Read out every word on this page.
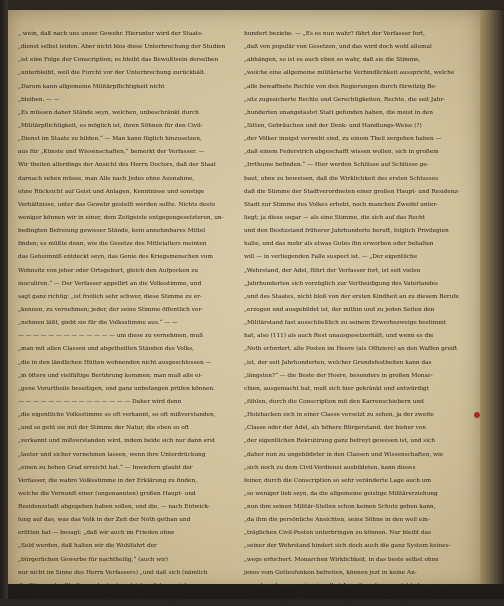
„ wein, daß nach uns unser Gewehr. Hierunter wird der Staats-
„dienst selbst leiden. Aber nicht blos diese Unterbrechung der Studien
„ist eine Folge der Conscription; es bleibt das Bewußtsein derselben
„unterbleibt, weil die Furcht vor der Unterbrechung zurückhält.
„Darum kann allgemeine Militärpflichtigkeit nicht
„bleiben. — —
„Es müssen daher Stände seyn, welchen, unbeschränkt durch
„Militärpflichtigkeit, es möglich ist, ihren Söhnen für den Civil-
„Dienst im Staate zu bilden.“ — Man kann füglich hinzusetzen,
aus für „Künste und Wissenschaften,“ bemerkt der Verfasser. —
Wir theilen allerdings der Ansicht des Herrn Doctors, daß der Staat
darnach sehen müsse, man Alle nach Jedes ohne Ausnahme,
ohne Rücksicht auf Geist und Anlagen, Kenntnisse und sonstige
Verhältnisse, unter das Gewehr gestellt werden sollte. Nichts desto
weniger können wir in einer, dem Zeitgeiste entgegengesetzteren, un-
bedingten Befreiung gewisser Stände, kein annehmbares Mittel
finden; es müßte denn, wie die Gesetze des Mittelalters meinten
das Geheimniß entdeckt seyn, das Genie des Kriegsmenschen vom
Wohnsitz von jeher oder Ortsgeburt, gleich den Aufpocken zu
inoculiren.“ — Der Verfasser appellirt an die Volksstimme, und
sagt ganz richtig: „ist freilich sehr schwer, diese Stimme zu er-
„kennen, zu vernehmen; jeder, der seine Stimme öffentlich ver-
„nehmen läßt, giebt sie für die Volksstimme aus.“ — —
— — — — — — — — — — — — — um diese zu vernehmen, muß
„man mit allen Classen und abgetheilten Ständen des Volks,
„die in den ländlichen Hütten wohnenden nicht ausgeschlossen —
„in öftere und vielfältige Berührung kommen; man muß alle ei-
„gene Vorurtheile beseitigen, und ganz unbefangen prüfen können.
— — — — — — — — — — — — — — — Daher wird denn
„die eigentliche Volksstimme so oft verkannt, so oft mißverstanden,
„und so geht sie mit der Stimme der Natur, die eben so oft
„verkannt und mißverstanden wird, indem beide sich nur dann erst
„lauter und sicher vernehmen lassen, wenn ihre Unterdrückung
„einen zu hohen Grad erreicht hat.“ — Inwiefern glaubt der
Verfasser, die wahre Volksstimme in der Erklärung zu finden,
welche die Vernunft einer (ungenannten) großen Haupt- und
Residenzstadt abgegeben haben sollen, und die, — nach Entwick-
lung auf das, was das Volk in der Zeit der Noth gethan und
erlitten hat — besagt: „daß wir auch im Frieden ohne
„Sold werden, daß halten wir die Wohlfahrt der
„bürgerlichen Gewerbe für nachtheilig,“ (auch wir)
nur nicht im Sinne des Herrn Verfassers) „und daß sich (nämlich
die Stimme der Stadtverordneten) zugleich auf das gesicher-
teste Recht und den Besitzstand von mehr als einem Jahr-
hundert beziehe. — „Es es nun wahr? fährt der Verfasser fort,
„daß von populär von Gesetzen, und das wird doch wohl allemal
„abhängen, so ist es auch eben so wahr, daß sie die Stimme,
„welche eine allgemeine militärische Verbindlichkeit ausspricht, welche
„alle bewaffnete Rechte von den Regierungen durch fürwitzig Be-
„sitz zugesicherte Rechte und Gerechtigkeiten, Rechte, die seit Jahr-
„hunderten unangetastet Statt gefunden haben, die meist in den
„Sitten, Gebräuchen und der Denk- und Handlungs-Weise (?)
„der Völker innigst verwebt sind, zu einem Theil zergehen haben —
„daß einem Federstrich abgeschafft wissen wollen, sich in großem
„Irrthume befinden.“ — Hier werden Schlüsse auf Schlüsse ge-
baut, ohne zu beweisen, daß die Wirklichkeit des ersten Schlusses
daß die Stimme der Stadtverordneten einer großen Haupt- und Residenz-
Stadt zur Stimme des Volkes erhebt, noch manchen Zweifel unter-
liegt; ja diese sogar — als eine Stimme, die sich auf das Recht
und den Besitzstand früherer Jahrhunderte beruft, folglich Privilegien
halte, und das mehr als etwas Gutes ihn erworben oder behalten
will — in verliegenden Falle suspect ist. — „Der eigentliche
„Wehrstand, der Adel, führt der Verfasser fort, ist seit vielen
„Jahrhunderten sich vorzüglich zur Vertheidigung des Vaterlandes
„und des Staates, nicht bloß von der ersten Kindheit an zu diesem Berufe
„erzogen und ausgebildet ist, der mithin und zu jeden Seiten den
„Militärstand fast ausschließlich zu seinem Erwerbszweige bestimmt
hat, also (111) als auch Rest unausgesetzerhält, und wenn es die
„Noth erfordert, alle Posten im Heere (als Offiziere) an den Waffen greift
„ist, der seit Jahrhunderten, welcher Grundsfestheiten kann das
„längsten?“ — die Beste der Heere, besonders in großen Monar-
chien, ausgemacht hat, muß sich hier gekränkt und entwürdigt
„fühlen, durch die Conscription mit den Karrenschiebern und
„Holzhacken sich in einer Classe versetzt zu sehen, ja der zweite
„Classe oder der Adel, als höhere Bürgerstand, der bisher von
„der eigentlichen Rekrutirung ganz befreyt gewesen ist, und sich
„daher nun zu ungebildeter in den Classen und Wissenschaften, wie
„sich noch zu dem Civil-Verdienst ausbildeten, kann dieses
feiner, durch die Conscription so sehr veränderte Lage auch um
„so weniger lieb seyn, da die allgemeine geistige Militärerziehung
„nun ihm seinen Militär-Stellen schon keinen Schutz geben kann,
„da ihm die persönliche Ansichten, seine Söhne in den weil ein-
„träglichen Civil-Posten unterbringen zu können. Nur bleibt das
„seiner der Wehrstand hindert sich doch auch die ganz System keines-
„wegs erfochert. Monarchen Wirklichkeit, in das beste selbst ohne
jenes vom Gottesfunken befreiten, können jezt in keine An-
„wendung kommen, in wie selbst Amerika schon gesetzt hat, man zum
Dienst herbergeruffen, und die lange Dauer des Zwangs-Dienstes
